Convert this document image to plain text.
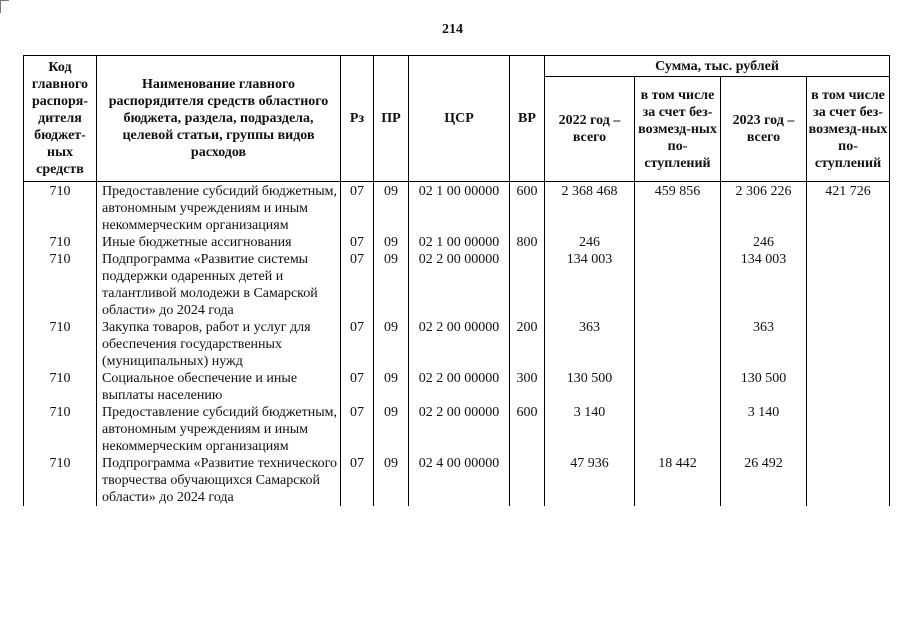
214
Код главного распоря-дителя бюджет-ных средств	Наименование главного распорядителя средств областного бюджета, раздела, подраздела, целевой статьи, группы видов расходов	Рз	ПР	ЦСР	ВР	Сумма, тыс. рублей			
						2022 год – всего	в том числе за счет без-возмезд-ных по-ступлений	2023 год – всего	в том числе за счет без-возмезд-ных по-ступлений
710	Предоставление субсидий бюджетным, автономным учреждениям и иным некоммерческим организациям	07	09	02 1 00 00000	600	2 368 468	459 856	2 306 226	421 726
710	Иные бюджетные ассигнования	07	09	02 1 00 00000	800	246		246	
710	Подпрограмма «Развитие системы поддержки одаренных детей и талантливой молодежи в Самарской области» до 2024 года	07	09	02 2 00 00000		134 003		134 003	
710	Закупка товаров, работ и услуг для обеспечения государственных (муниципальных) нужд	07	09	02 2 00 00000	200	363		363	
710	Социальное обеспечение и иные выплаты населению	07	09	02 2 00 00000	300	130 500		130 500	
710	Предоставление субсидий бюджетным, автономным учреждениям и иным некоммерческим организациям	07	09	02 2 00 00000	600	3 140		3 140	
710	Подпрограмма «Развитие технического творчества обучающихся Самарской области» до 2024 года	07	09	02 4 00 00000		47 936	18 442	26 492	
